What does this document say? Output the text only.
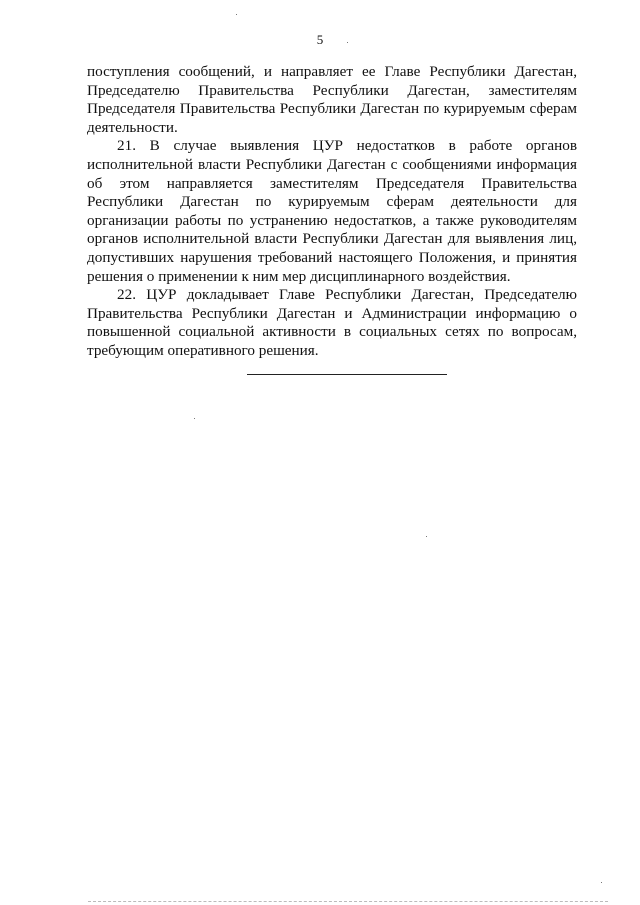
5

поступления сообщений, и направляет ее Главе Республики Дагестан, Председателю Правительства Республики Дагестан, заместителям Председателя Правительства Республики Дагестан по курируемым сферам деятельности.

21. В случае выявления ЦУР недостатков в работе органов исполнительной власти Республики Дагестан с сообщениями информация об этом направляется заместителям Председателя Правительства Республики Дагестан по курируемым сферам деятельности для организации работы по устранению недостатков, а также руководителям органов исполнительной власти Республики Дагестан для выявления лиц, допустивших нарушения требований настоящего Положения, и принятия решения о применении к ним мер дисциплинарного воздействия.

22. ЦУР докладывает Главе Республики Дагестан, Председателю Правительства Республики Дагестан и Администрации информацию о повышенной социальной активности в социальных сетях по вопросам, требующим оперативного решения.
